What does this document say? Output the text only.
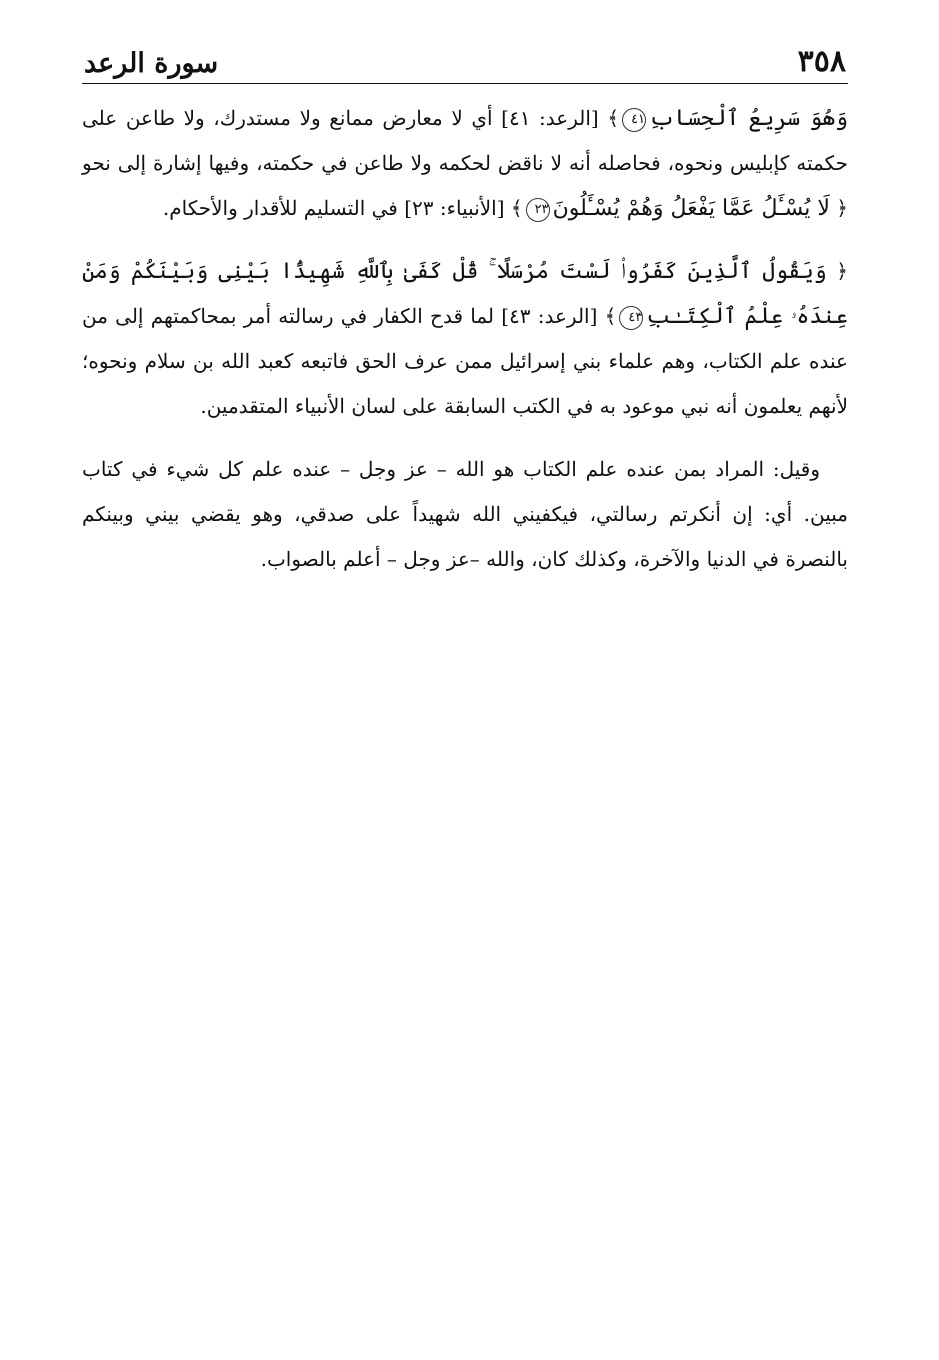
٣٥٨
سورة الرعد

وَهُوَ سَرِيعُ ٱلْحِسَابِ٤١﴾ [الرعد: ٤١] أي لا معارض ممانع ولا مستدرك، ولا طاعن على حكمته كإبليس ونحوه، فحاصله أنه لا ناقض لحكمه ولا طاعن في حكمته، وفيها إشارة إلى نحو ﴿ لَا يُسْـَٔلُ عَمَّا يَفْعَلُ وَهُمْ يُسْـَٔلُونَ٢٣﴾ [الأنبياء: ٢٣] في التسليم للأقدار والأحكام.

﴿ وَيَقُولُ ٱلَّذِينَ كَفَرُوا۟ لَسْتَ مُرْسَلًا ۚ قُلْ كَفَىٰ بِٱللَّهِ شَهِيدًۢا بَيْنِى وَبَيْنَكُمْ وَمَنْ عِندَهُۥ عِلْمُ ٱلْكِتَـٰبِ٤٣﴾ [الرعد: ٤٣] لما قدح الكفار في رسالته أمر بمحاكمتهم إلى من عنده علم الكتاب، وهم علماء بني إسرائيل ممن عرف الحق فاتبعه كعبد الله بن سلام ونحوه؛ لأنهم يعلمون أنه نبي موعود به في الكتب السابقة على لسان الأنبياء المتقدمين.

وقيل: المراد بمن عنده علم الكتاب هو الله – عز وجل – عنده علم كل شيء في كتاب مبين. أي: إن أنكرتم رسالتي، فيكفيني الله شهيداً على صدقي، وهو يقضي بيني وبينكم بالنصرة في الدنيا والآخرة، وكذلك كان، والله –عز وجل – أعلم بالصواب.
